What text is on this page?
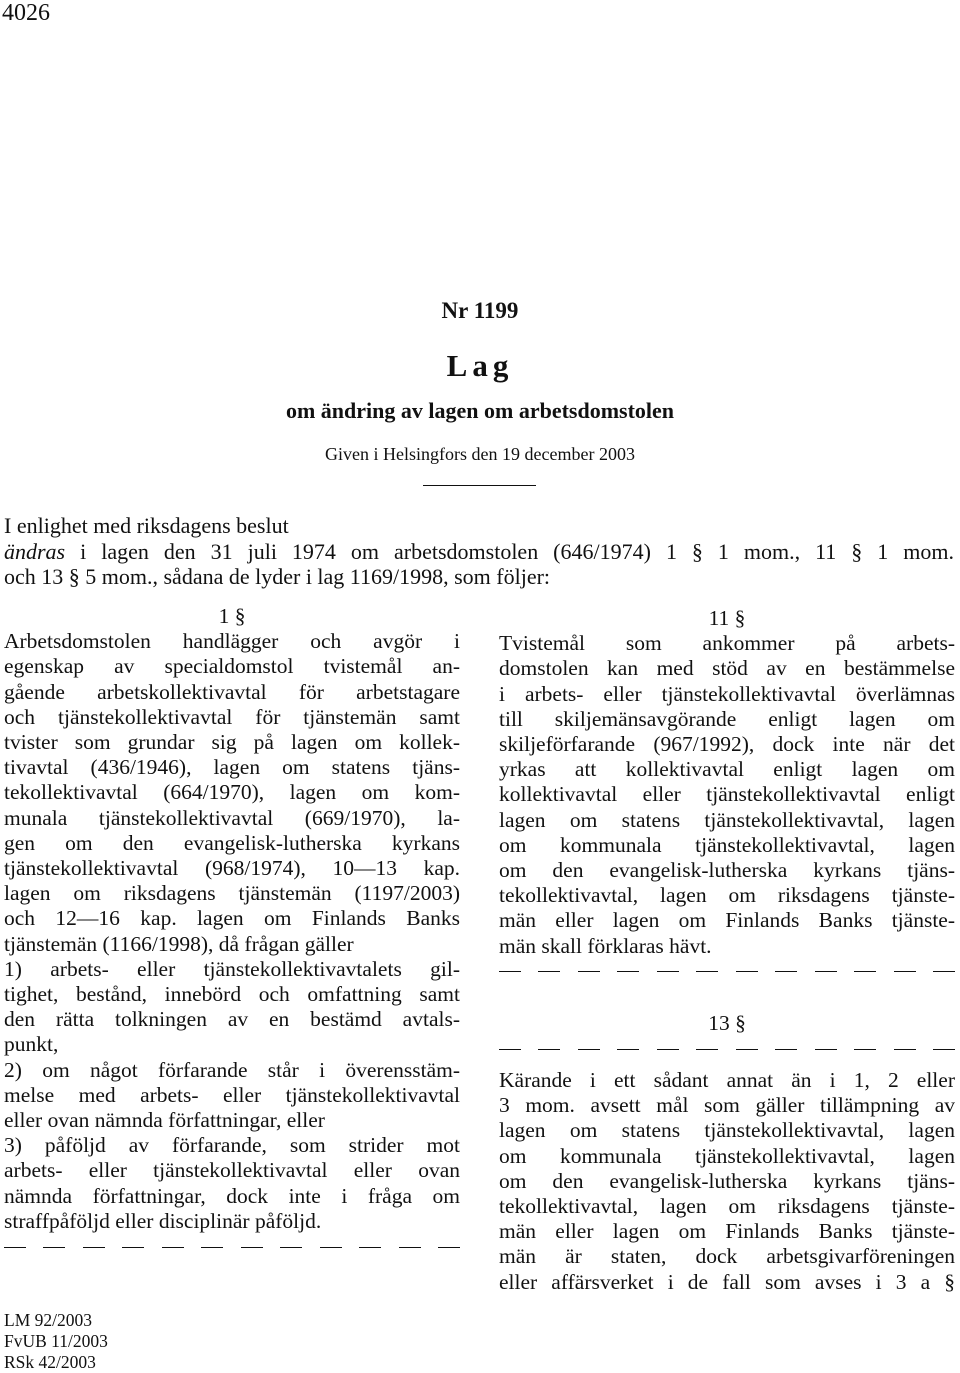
4026
Nr 1199
Lag
om ändring av lagen om arbetsdomstolen
Given i Helsingfors den 19 december 2003

I enlighet med riksdagens beslut

ändras i lagen den 31 juli 1974 om arbetsdomstolen (646/1974) 1 § 1 mom., 11 § 1 mom.

och 13 § 5 mom., sådana de lyder i lag 1169/1998, som följer:

1 §

Arbetsdomstolen handlägger och avgör i

egenskap av specialdomstol tvistemål an-

gående arbetskollektivavtal för arbetstagare

och tjänstekollektivavtal för tjänstemän samt

tvister som grundar sig på lagen om kollek-

tivavtal (436/1946), lagen om statens tjäns-

tekollektivavtal (664/1970), lagen om kom-

munala tjänstekollektivavtal (669/1970), la-

gen om den evangelisk-lutherska kyrkans

tjänstekollektivavtal (968/1974), 10—13 kap.

lagen om riksdagens tjänstemän (1197/2003)

och 12—16 kap. lagen om Finlands Banks

tjänstemän (1166/1998), då frågan gäller

1) arbets- eller tjänstekollektivavtalets gil-

tighet, bestånd, innebörd och omfattning samt

den rätta tolkningen av en bestämd avtals-

punkt,

2) om något förfarande står i överensstäm-

melse med arbets- eller tjänstekollektivavtal

eller ovan nämnda författningar, eller

3) påföljd av förfarande, som strider mot

arbets- eller tjänstekollektivavtal eller ovan

nämnda författningar, dock inte i fråga om

straffpåföljd eller disciplinär påföljd.

11 §

Tvistemål som ankommer på arbets-

domstolen kan med stöd av en bestämmelse

i arbets- eller tjänstekollektivavtal överlämnas

till skiljemänsavgörande enligt lagen om

skiljeförfarande (967/1992), dock inte när det

yrkas att kollektivavtal enligt lagen om

kollektivavtal eller tjänstekollektivavtal enligt

lagen om statens tjänstekollektivavtal, lagen

om kommunala tjänstekollektivavtal, lagen

om den evangelisk-lutherska kyrkans tjäns-

tekollektivavtal, lagen om riksdagens tjänste-

män eller lagen om Finlands Banks tjänste-

män skall förklaras hävt.

13 §

Kärande i ett sådant annat än i 1, 2 eller

3 mom. avsett mål som gäller tillämpning av

lagen om statens tjänstekollektivavtal, lagen

om kommunala tjänstekollektivavtal, lagen

om den evangelisk-lutherska kyrkans tjäns-

tekollektivavtal, lagen om riksdagens tjänste-

män eller lagen om Finlands Banks tjänste-

män är staten, dock arbetsgivarföreningen

eller affärsverket i de fall som avses i 3 a §

LM 92/2003
FvUB 11/2003
RSk 42/2003
